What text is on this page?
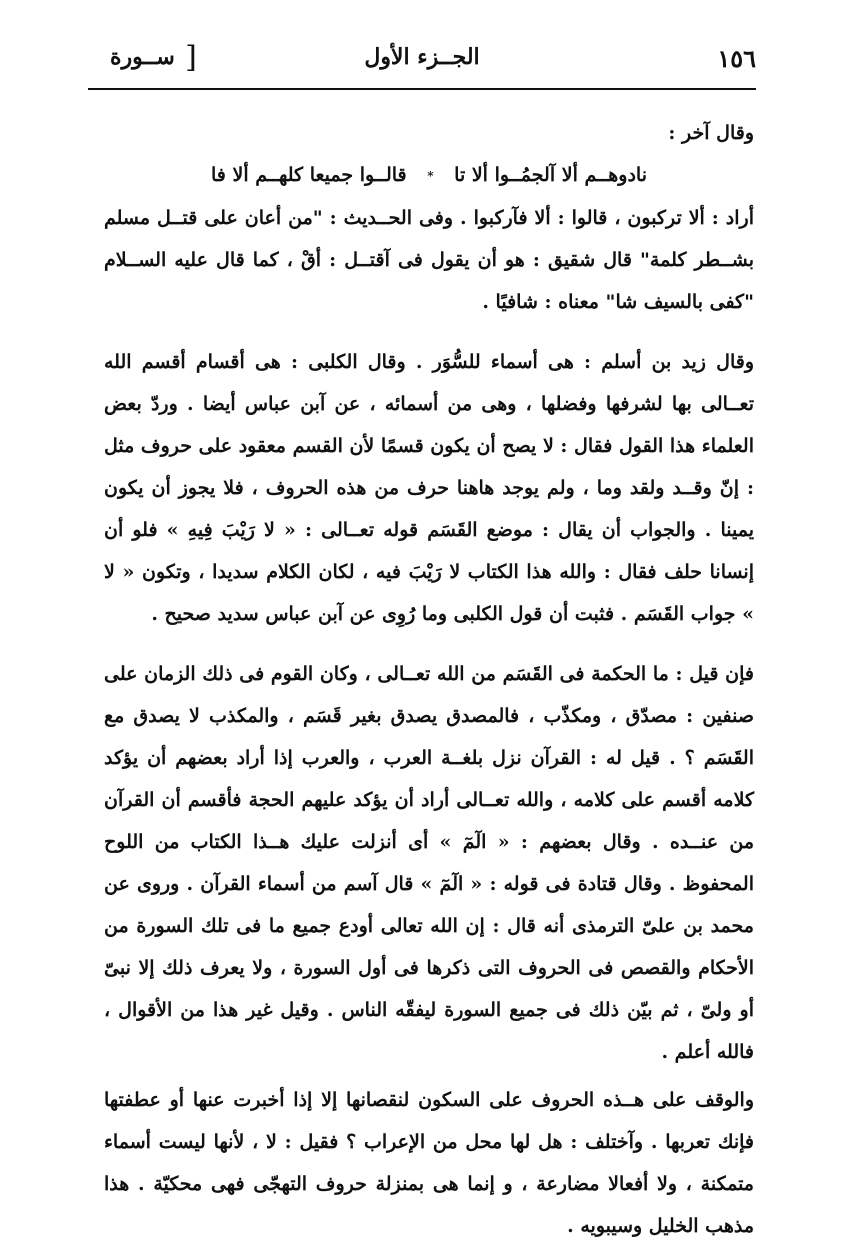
١٥٦
الجــزء الأول
[
ســورة

وقال آخر :

نادوهــم ألا آلجمُــوا ألا تا * قالــوا جميعا كلهــم ألا فا

أراد : ألا تركبون ، قالوا : ألا فآركبوا . وفى الحــديث : "من أعان على قتــل مسلم بشــطر كلمة" قال شقيق : هو أن يقول فى آقتــل : أقْ ، كما قال عليه الســلام "كفى بالسيف شا" معناه : شافيًا .

وقال زيد بن أسلم : هى أسماء للسُّوَر . وقال الكلبى : هى أقسام أقسم الله تعــالى بها لشرفها وفضلها ، وهى من أسمائه ، عن آبن عباس أيضا . وردّ بعض العلماء هذا القول فقال : لا يصح أن يكون قسمًا لأن القسم معقود على حروف مثل : إنّ وقــد ولقد وما ، ولم يوجد هاهنا حرف من هذه الحروف ، فلا يجوز أن يكون يمينا . والجواب أن يقال : موضع القَسَم قوله تعــالى : « لا رَيْبَ فِيهِ » فلو أن إنسانا حلف فقال : والله هذا الكتاب لا رَيْبَ فيه ، لكان الكلام سديدا ، وتكون « لا » جواب القَسَم . فثبت أن قول الكلبى وما رُوِى عن آبن عباس سديد صحيح .

فإن قيل : ما الحكمة فى القَسَم من الله تعــالى ، وكان القوم فى ذلك الزمان على صنفين : مصدّق ، ومكذّب ، فالمصدق يصدق بغير قَسَم ، والمكذب لا يصدق مع القَسَم ؟ . قيل له : القرآن نزل بلغــة العرب ، والعرب إذا أراد بعضهم أن يؤكد كلامه أقسم على كلامه ، والله تعــالى أراد أن يؤكد عليهم الحجة فأقسم أن القرآن من عنــده . وقال بعضهم : « الٓمٓ » أى أنزلت عليك هــذا الكتاب من اللوح المحفوظ . وقال قتادة فى قوله : « الٓمٓ » قال آسم من أسماء القرآن . وروى عن محمد بن علىّ الترمذى أنه قال : إن الله تعالى أودع جميع ما فى تلك السورة من الأحكام والقصص فى الحروف التى ذكرها فى أول السورة ، ولا يعرف ذلك إلا نبىّ أو ولىّ ، ثم بيّن ذلك فى جميع السورة ليفقّه الناس . وقيل غير هذا من الأقوال ، فالله أعلم .

والوقف على هــذه الحروف على السكون لنقصانها إلا إذا أخبرت عنها أو عطفتها فإنك تعربها . وآختلف : هل لها محل من الإعراب ؟ فقيل : لا ، لأنها ليست أسماء متمكنة ، ولا أفعالا مضارعة ، و إنما هى بمنزلة حروف التهجّى فهى محكيّة . هذا مذهب الخليل وسيبويه .
